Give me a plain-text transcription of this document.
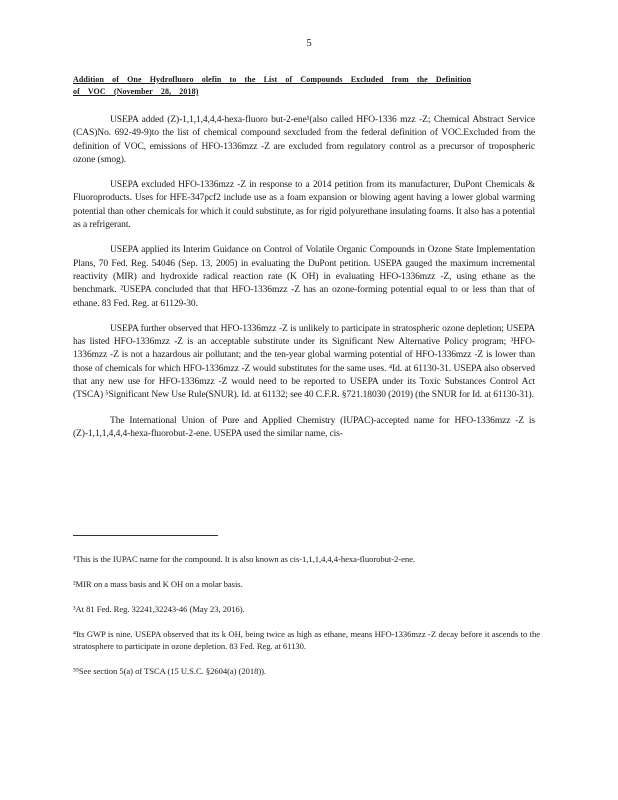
5
Addition of One Hydrofluoro olefin to the List of Compounds Excluded from the Definition
of VOC (November 28, 2018)

USEPA added (Z)-1,1,1,4,4,4-hexa-fluoro but-2-ene¹(also called HFO-1336 mzz -Z; Chemical Abstract Service (CAS)No. 692-49-9)to the list of chemical compound sexcluded from the federal definition of VOC.Excluded from the definition of VOC, emissions of HFO-1336mzz -Z are excluded from regulatory control as a precursor of tropospheric ozone (smog).

USEPA excluded HFO-1336mzz -Z in response to a 2014 petition from its manufacturer, DuPont Chemicals & Fluoroproducts. Uses for HFE-347pcf2 include use as a foam expansion or blowing agent having a lower global warming potential than other chemicals for which it could substitute, as for rigid polyurethane insulating foams. It also has a potential as a refrigerant.

USEPA applied its Interim Guidance on Control of Volatile Organic Compounds in Ozone State Implementation Plans, 70 Fed. Reg. 54046 (Sep. 13, 2005) in evaluating the DuPont petition. USEPA gauged the maximum incremental reactivity (MIR) and hydroxide radical reaction rate (K OH) in evaluating HFO-1336mzz -Z, using ethane as the benchmark. ²USEPA concluded that that HFO-1336mzz -Z has an ozone-forming potential equal to or less than that of ethane. 83 Fed. Reg. at 61129-30.

USEPA further observed that HFO-1336mzz -Z is unlikely to participate in stratospheric ozone depletion; USEPA has listed HFO-1336mzz -Z is an acceptable substitute under its Significant New Alternative Policy program; ³HFO-1336mzz -Z is not a hazardous air pollutant; and the ten-year global warming potential of HFO-1336mzz -Z is lower than those of chemicals for which HFO-1336mzz -Z would substitutes for the same uses. ⁴Id. at 61130-31. USEPA also observed that any new use for HFO-1336mzz -Z would need to be reported to USEPA under its Toxic Substances Control Act (TSCA) ⁵Significant New Use Rule(SNUR). Id. at 61132; see 40 C.F.R. §721.18030 (2019) (the SNUR for Id. at 61130-31).

The International Union of Pure and Applied Chemistry (IUPAC)-accepted name for HFO-1336mzz -Z is (Z)-1,1,1,4,4,4-hexa-fluorobut-2-ene. USEPA used the similar name, cis-

¹This is the IUPAC name for the compound. It is also known as cis-1,1,1,4,4,4-hexa-fluorobut-2-ene.

²MIR on a mass basis and K OH on a molar basis.

³At 81 Fed. Reg. 32241,32243-46 (May 23, 2016).

⁴Its GWP is nine. USEPA observed that its k OH, being twice as high as ethane, means HFO-1336mzz -Z decay before it ascends to the stratosphere to participate in ozone depletion. 83 Fed. Reg. at 61130.

⁵⁵See section 5(a) of TSCA (15 U.S.C. §2604(a) (2018)).
